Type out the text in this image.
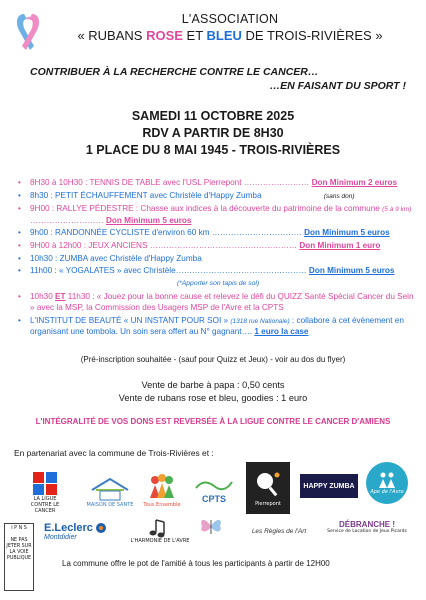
L'ASSOCIATION
« RUBANS ROSE ET BLEU DE TROIS-RIVIÈRES »
CONTRIBUER À LA RECHERCHE CONTRE LE CANCER…
…EN FAISANT DU SPORT !
SAMEDI 11 OCTOBRE 2025
RDV A PARTIR DE 8H30
1 PLACE DU 8 MAI 1945 - TROIS-RIVIÈRES
•	8H30 à 10H30 : TENNIS DE TABLE avec l'USL Pierrepont …………………… Don Minimum 2 euros
•	8h30 : PETIT ÉCHAUFFEMENT avec Christèle d'Happy Zumba	(sans don)
•	9H00 : RALLYE PÉDESTRE : Chasse aux indices à la découverte du patrimoine de la commune (5 à 9 km) ……………………… Don Minimum 5 euros
•	9h00 : RANDONNÉE CYCLISTE d'environ 60 km …………………………… Don Minimum 5 euros
•	9H00 à 12h00 : JEUX ANCIENS ……………………………………………… Don Minimum 1 euro
•	10h30 : ZUMBA avec Christèle d'Happy Zumba
•	11h00 : « YOGALATES » avec Christèle………………………………………… Don Minimum 5 euros
(*Apporter son tapis de sol)
•	10h30 ET 11h30 : « Jouez pour la bonne cause et relevez le défi du QUIZZ Santé Spécial Cancer du Sein » avec la MSP, la Commission des Usagers MSP de l'Avre et la CPTS
•	L'INSTITUT DE BEAUTÉ « UN INSTANT POUR SOI » (1318 rue Nationale) : collabore à cet évènement en organisant une tombola. Un soin sera offert au N° gagnant…. 1 euro la case
(Pré-inscription souhaitée - (sauf pour Quizz et Jeux) - voir au dos du flyer)
Vente de barbe à papa : 0,50 cents
Vente de rubans rose et bleu, goodies : 1 euro
L'INTÉGRALITÉ DE VOS DONS EST REVERSÉE À LA LIGUE CONTRE LE CANCER D'AMIENS
En partenariat avec la commune de Trois-Rivières et :
LA LIGUE CONTRE LE CANCER
MAISON DE SANTÉ Tous Ensemble
CPTS	Pierrepont
HAPPY ZUMBA
Ape de l'Avre
I P N S

NE PAS JETER SUR LA VOIE PUBLIQUE
E.Leclerc
Montdidier
L'HARMONIE DE L'AVRE
Les Règles de l'Art
DÉBRANCHE !
Service de Location de Jeux Picards
La commune offre le pot de l'amitié à tous les participants à partir de 12H00
